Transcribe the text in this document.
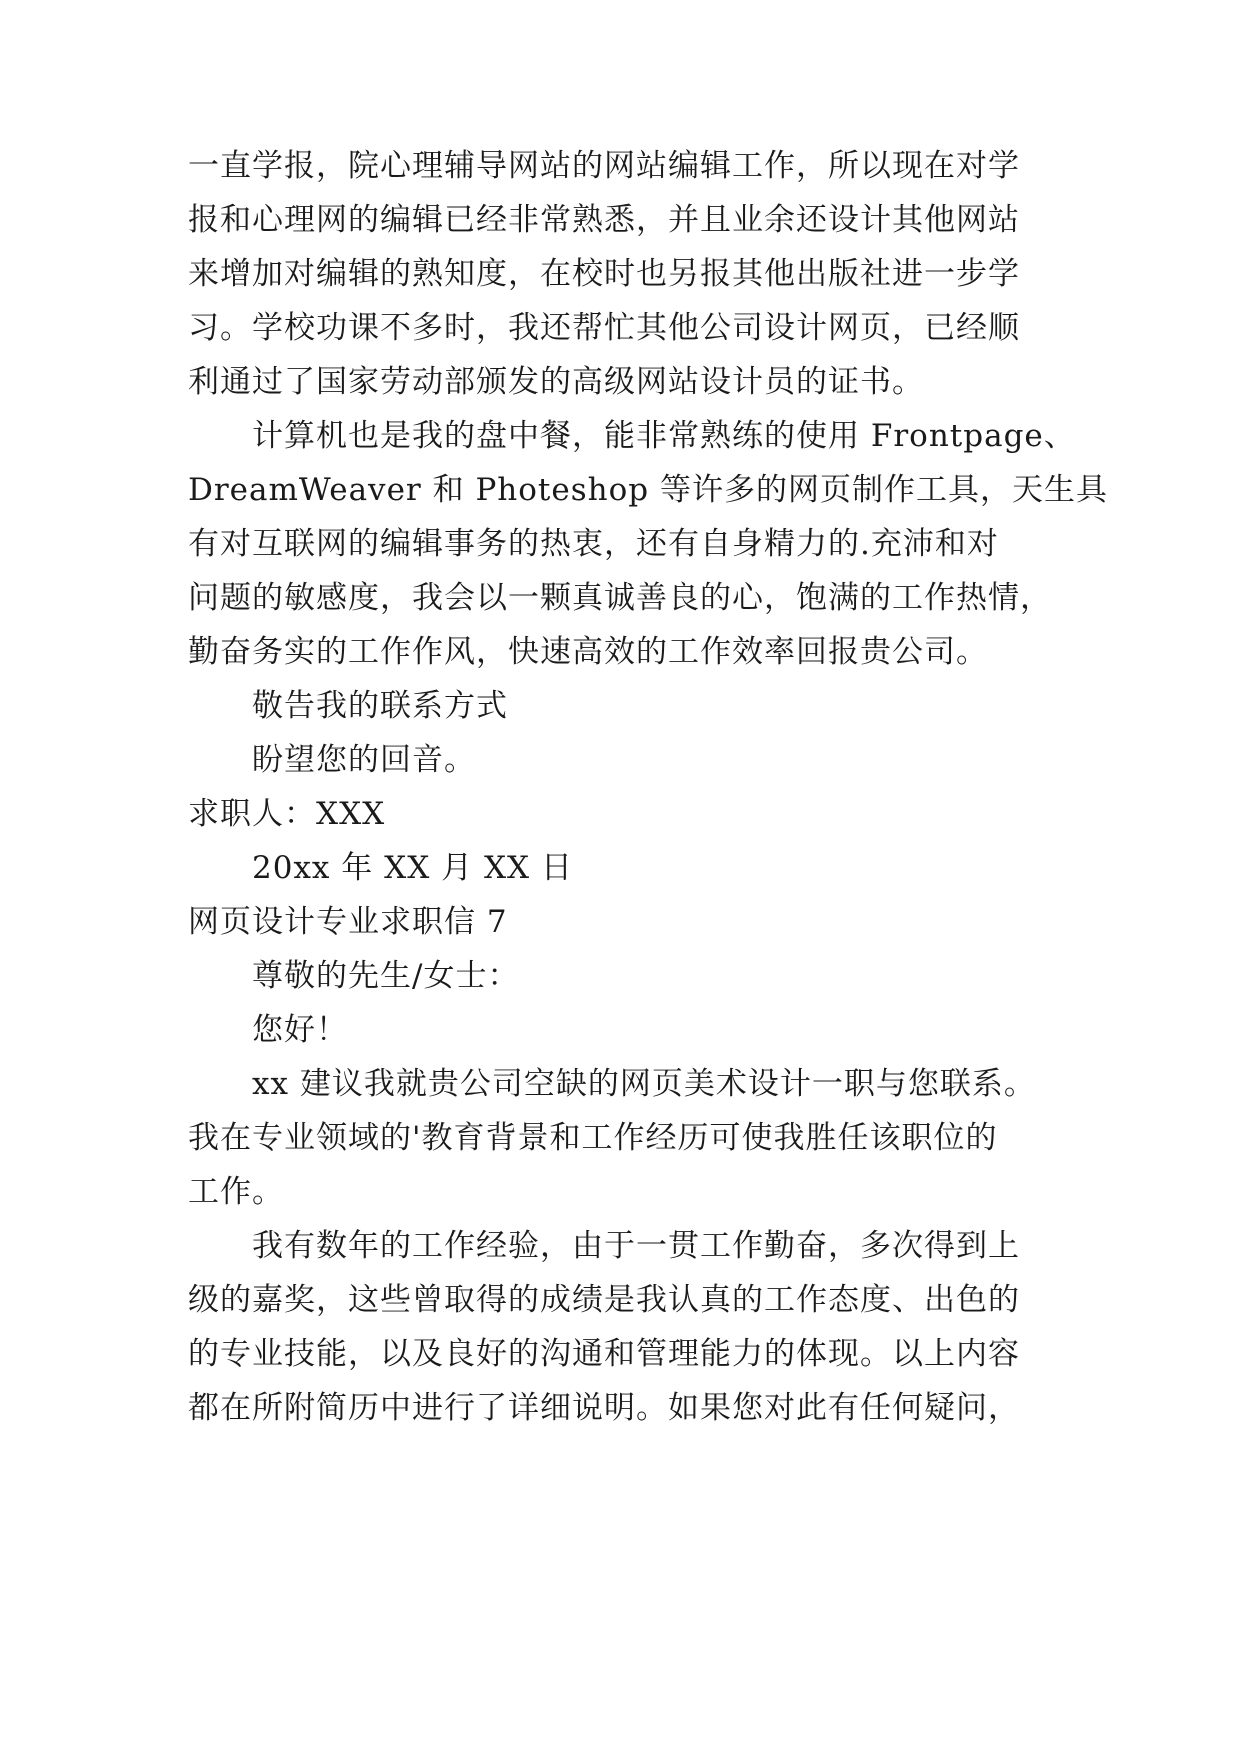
一直学报，院心理辅导网站的网站编辑工作，所以现在对学
报和心理网的编辑已经非常熟悉，并且业余还设计其他网站
来增加对编辑的熟知度，在校时也另报其他出版社进一步学
习。学校功课不多时，我还帮忙其他公司设计网页，已经顺
利通过了国家劳动部颁发的高级网站设计员的证书。
计算机也是我的盘中餐，能非常熟练的使用 Frontpage、
DreamWeaver 和 Photeshop 等许多的网页制作工具，天生具
有对互联网的编辑事务的热衷，还有自身精力的.充沛和对
问题的敏感度，我会以一颗真诚善良的心，饱满的工作热情，
勤奋务实的工作作风，快速高效的工作效率回报贵公司。
敬告我的联系方式
盼望您的回音。
求职人：XXX
20xx 年 XX 月 XX 日
网页设计专业求职信 7
尊敬的先生/女士：
您好！
xx 建议我就贵公司空缺的网页美术设计一职与您联系。
我在专业领域的'教育背景和工作经历可使我胜任该职位的
工作。
我有数年的工作经验，由于一贯工作勤奋，多次得到上
级的嘉奖，这些曾取得的成绩是我认真的工作态度、出色的
的专业技能，以及良好的沟通和管理能力的体现。以上内容
都在所附简历中进行了详细说明。如果您对此有任何疑问，
